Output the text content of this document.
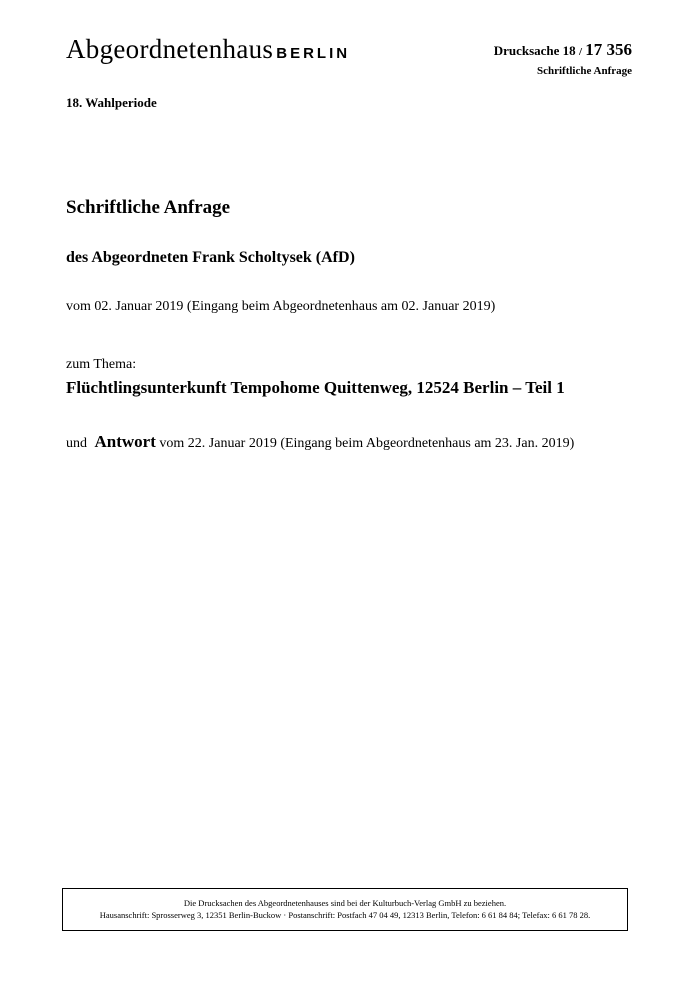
Abgeordnetenhaus BERLIN	Drucksache 18 / 17 356
Schriftliche Anfrage
18. Wahlperiode
Schriftliche Anfrage
des Abgeordneten Frank Scholtysek (AfD)
vom 02. Januar 2019 (Eingang beim Abgeordnetenhaus am 02. Januar 2019)
zum Thema:
Flüchtlingsunterkunft Tempohome Quittenweg, 12524 Berlin – Teil 1
und Antwort vom 22. Januar 2019 (Eingang beim Abgeordnetenhaus am 23. Jan. 2019)
Die Drucksachen des Abgeordnetenhauses sind bei der Kulturbuch-Verlag GmbH zu beziehen.
Hausanschrift: Sprosserweg 3, 12351 Berlin-Buckow · Postanschrift: Postfach 47 04 49, 12313 Berlin, Telefon: 6 61 84 84; Telefax: 6 61 78 28.
